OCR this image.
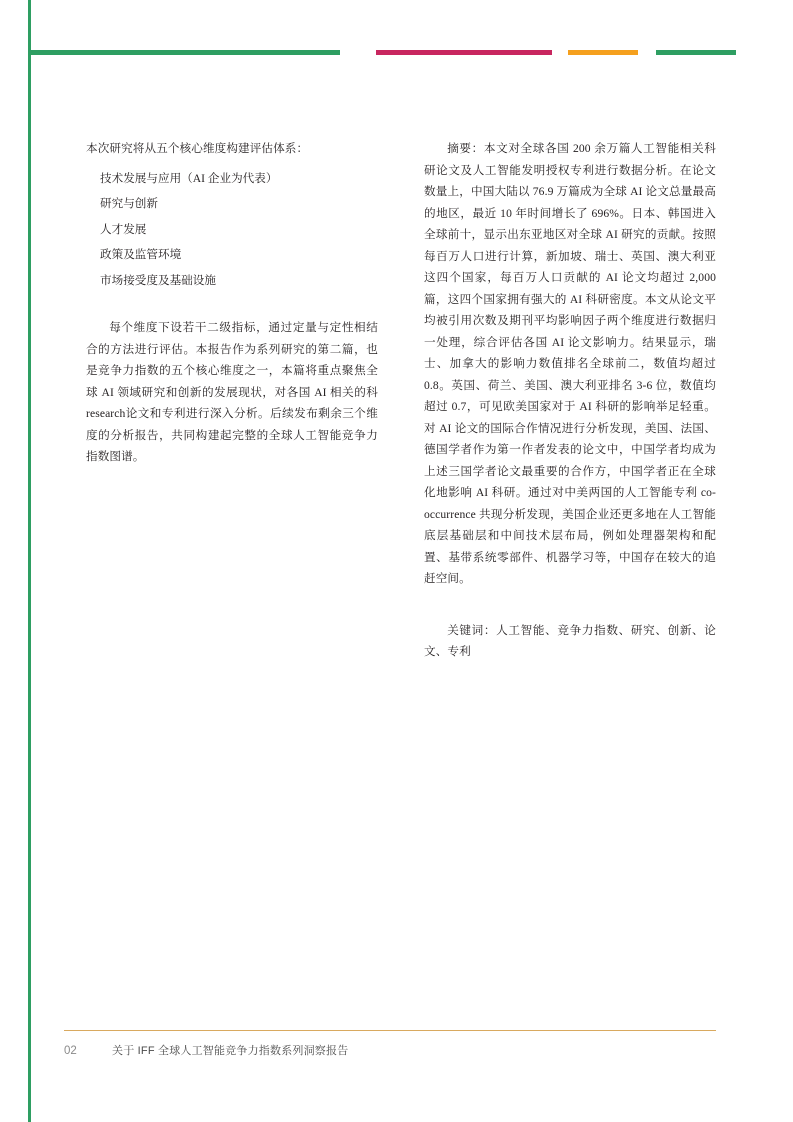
本次研究将从五个核心维度构建评估体系：

技术发展与应用（AI 企业为代表）
研究与创新
人才发展
政策及监管环境
市场接受度及基础设施

每个维度下设若干二级指标，通过定量与定性相结合的方法进行评估。本报告作为系列研究的第二篇，也是竞争力指数的五个核心维度之一，本篇将重点聚焦全球 AI 领域研究和创新的发展现状，对各国 AI 相关的科research论文和专利进行深入分析。后续发布剩余三个维度的分析报告，共同构建起完整的全球人工智能竞争力指数图谱。

摘要：本文对全球各国 200 余万篇人工智能相关科研论文及人工智能发明授权专利进行数据分析。在论文数量上，中国大陆以 76.9 万篇成为全球 AI 论文总量最高的地区，最近 10 年时间增长了 696%。日本、韩国进入全球前十，显示出东亚地区对全球 AI 研究的贡献。按照每百万人口进行计算，新加坡、瑞士、英国、澳大利亚这四个国家，每百万人口贡献的 AI 论文均超过 2,000 篇，这四个国家拥有强大的 AI 科研密度。本文从论文平均被引用次数及期刊平均影响因子两个维度进行数据归一处理，综合评估各国 AI 论文影响力。结果显示，瑞士、加拿大的影响力数值排名全球前二，数值均超过 0.8。英国、荷兰、美国、澳大利亚排名 3-6 位，数值均超过 0.7，可见欧美国家对于 AI 科研的影响举足轻重。对 AI 论文的国际合作情况进行分析发现，美国、法国、德国学者作为第一作者发表的论文中，中国学者均成为上述三国学者论文最重要的合作方，中国学者正在全球化地影响 AI 科研。通过对中美两国的人工智能专利 co-occurrence 共现分析发现，美国企业还更多地在人工智能底层基础层和中间技术层布局，例如处理器架构和配置、基带系统零部件、机器学习等，中国存在较大的追赶空间。

关键词：人工智能、竞争力指数、研究、创新、论文、专利

02	关于 IFF 全球人工智能竞争力指数系列洞察报告
